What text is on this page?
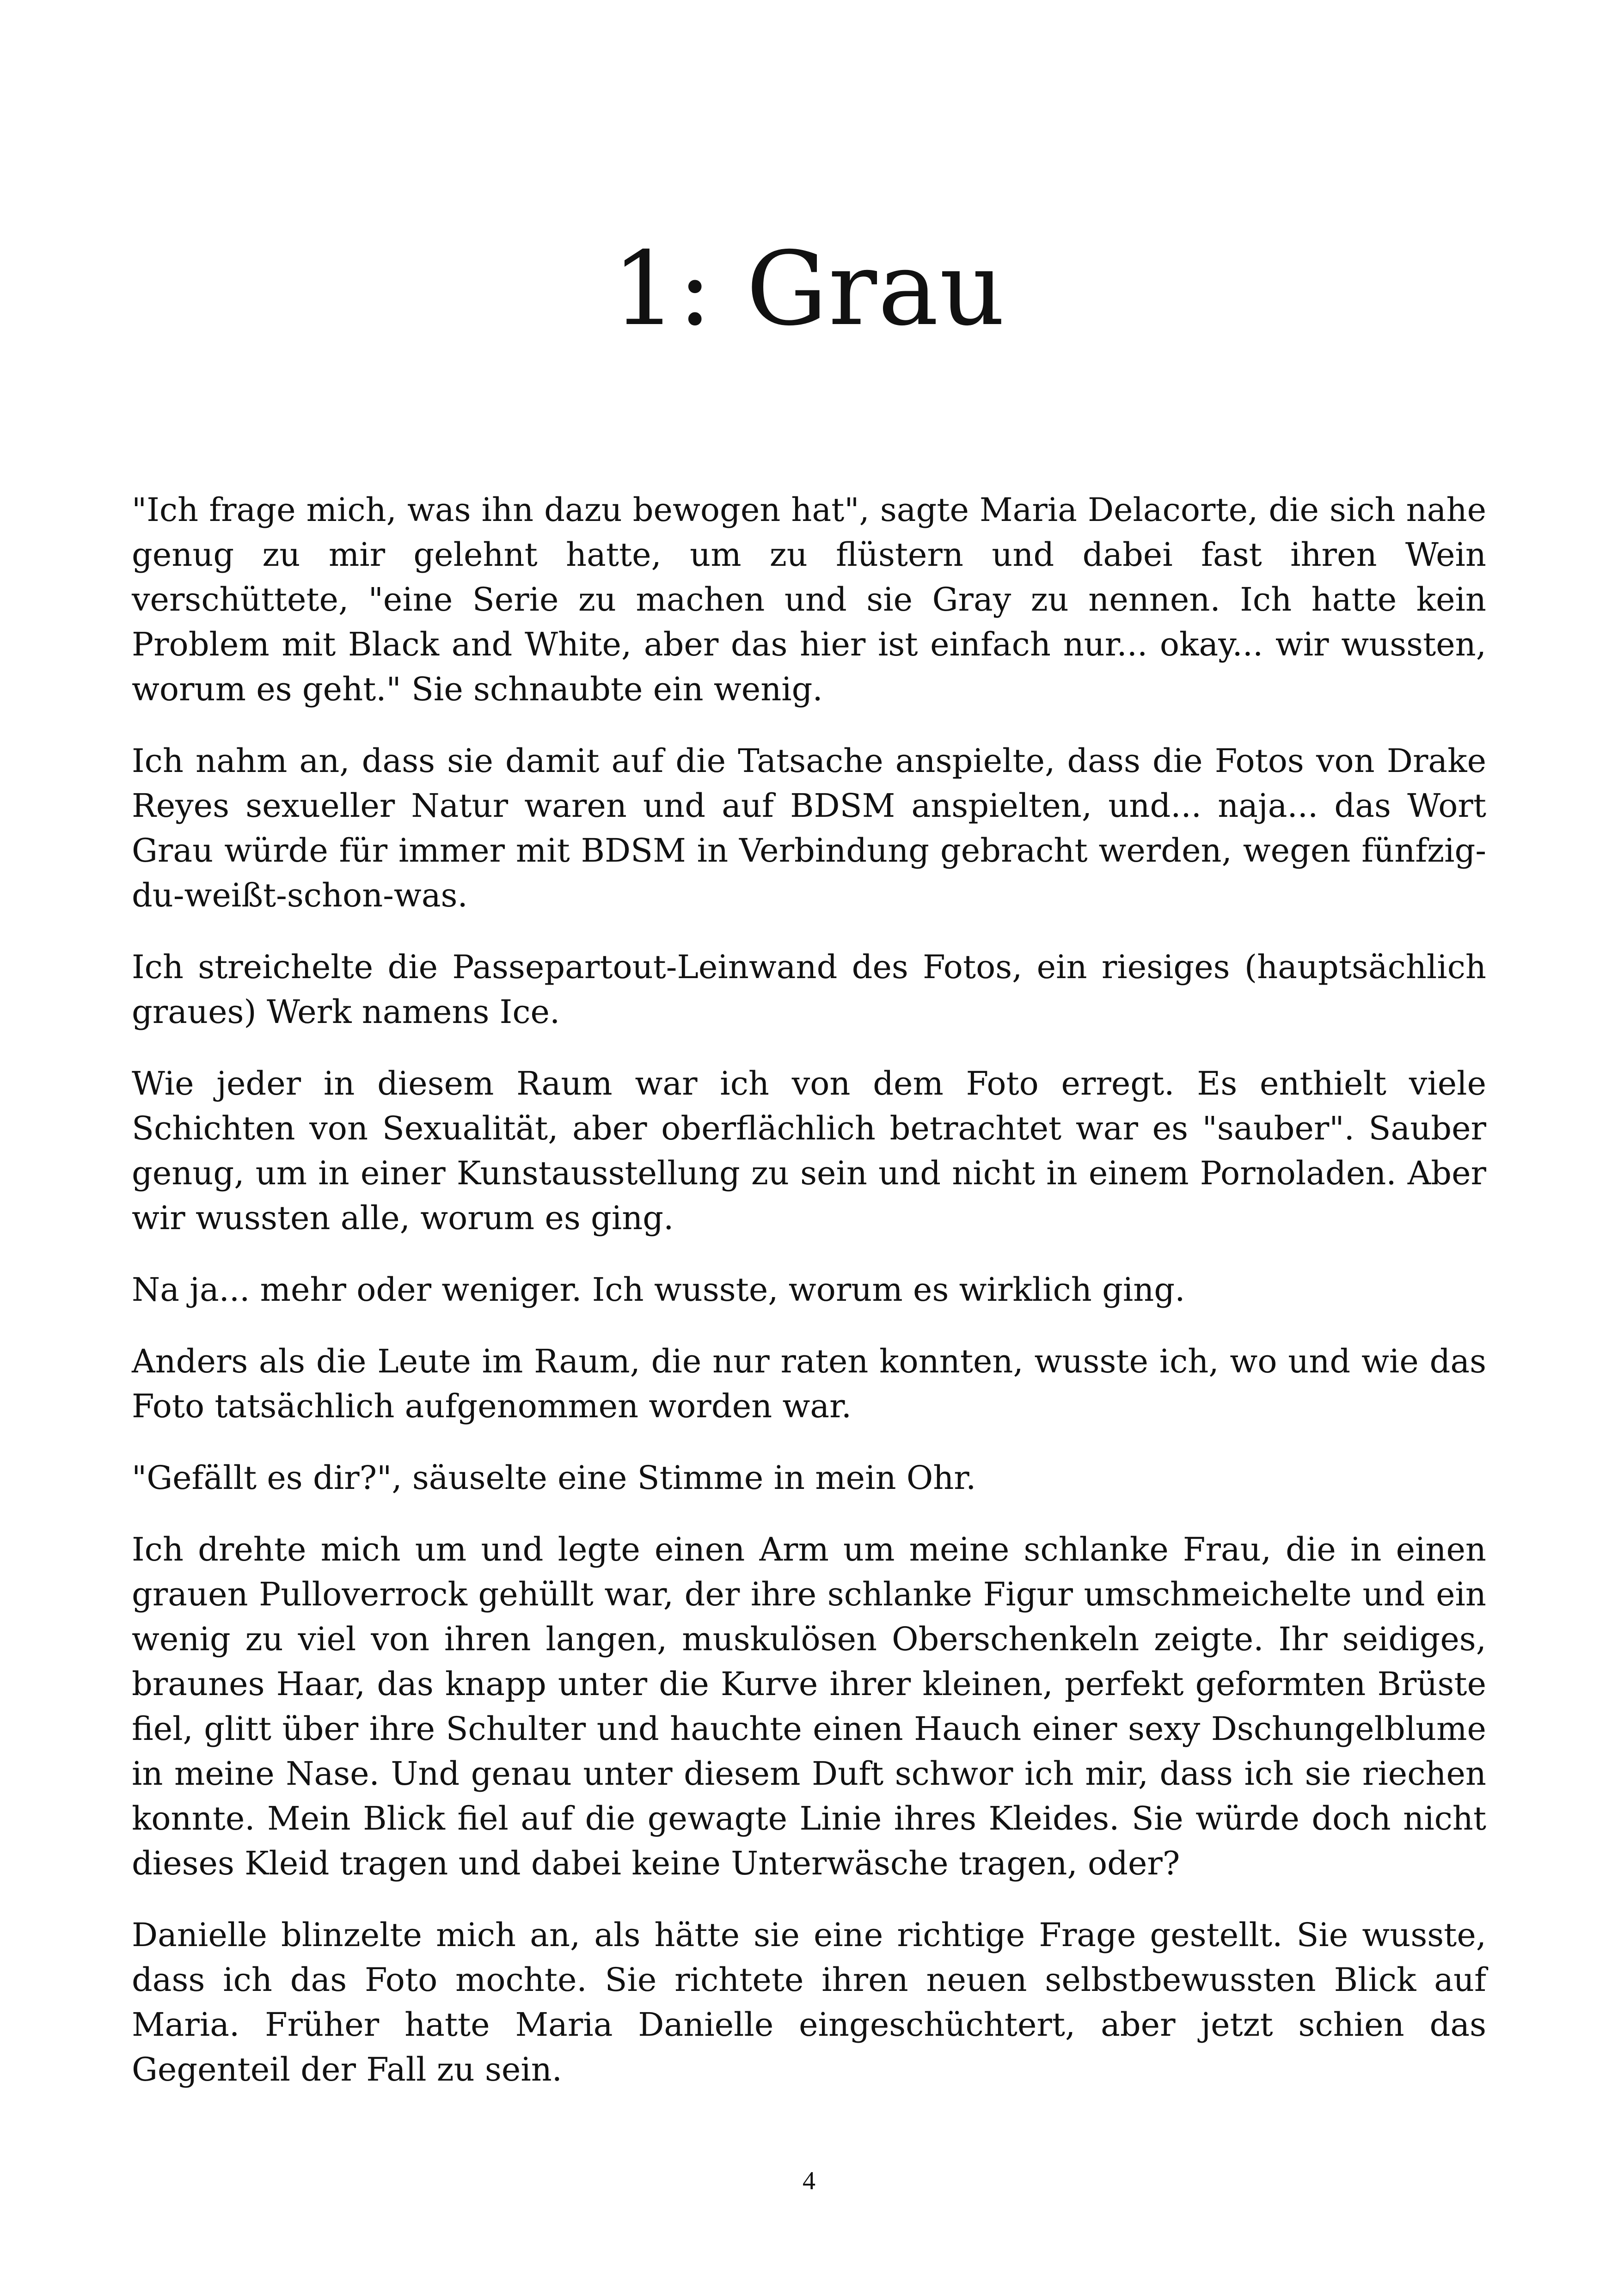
1: Grau

"Ich frage mich, was ihn dazu bewogen hat", sagte Maria Delacorte, die sich nahe genug zu mir gelehnt hatte, um zu flüstern und dabei fast ihren Wein verschüttete, "eine Serie zu machen und sie Gray zu nennen. Ich hatte kein Problem mit Black and White, aber das hier ist einfach nur... okay... wir wussten, worum es geht." Sie schnaubte ein wenig.

Ich nahm an, dass sie damit auf die Tatsache anspielte, dass die Fotos von Drake Reyes sexueller Natur waren und auf BDSM anspielten, und... naja... das Wort Grau würde für immer mit BDSM in Verbindung gebracht werden, wegen fünfzig-du-weißt-schon-was.

Ich streichelte die Passepartout-Leinwand des Fotos, ein riesiges (hauptsächlich graues) Werk namens Ice.

Wie jeder in diesem Raum war ich von dem Foto erregt. Es enthielt viele Schichten von Sexualität, aber oberflächlich betrachtet war es "sauber". Sauber genug, um in einer Kunstausstellung zu sein und nicht in einem Pornoladen. Aber wir wussten alle, worum es ging.

Na ja... mehr oder weniger. Ich wusste, worum es wirklich ging.

Anders als die Leute im Raum, die nur raten konnten, wusste ich, wo und wie das Foto tatsächlich aufgenommen worden war.

"Gefällt es dir?", säuselte eine Stimme in mein Ohr.

Ich drehte mich um und legte einen Arm um meine schlanke Frau, die in einen grauen Pulloverrock gehüllt war, der ihre schlanke Figur umschmeichelte und ein wenig zu viel von ihren langen, muskulösen Oberschenkeln zeigte. Ihr seidiges, braunes Haar, das knapp unter die Kurve ihrer kleinen, perfekt geformten Brüste fiel, glitt über ihre Schulter und hauchte einen Hauch einer sexy Dschungelblume in meine Nase. Und genau unter diesem Duft schwor ich mir, dass ich sie riechen konnte. Mein Blick fiel auf die gewagte Linie ihres Kleides. Sie würde doch nicht dieses Kleid tragen und dabei keine Unterwäsche tragen, oder?

Danielle blinzelte mich an, als hätte sie eine richtige Frage gestellt. Sie wusste, dass ich das Foto mochte. Sie richtete ihren neuen selbstbewussten Blick auf Maria. Früher hatte Maria Danielle eingeschüchtert, aber jetzt schien das Gegenteil der Fall zu sein.

4
